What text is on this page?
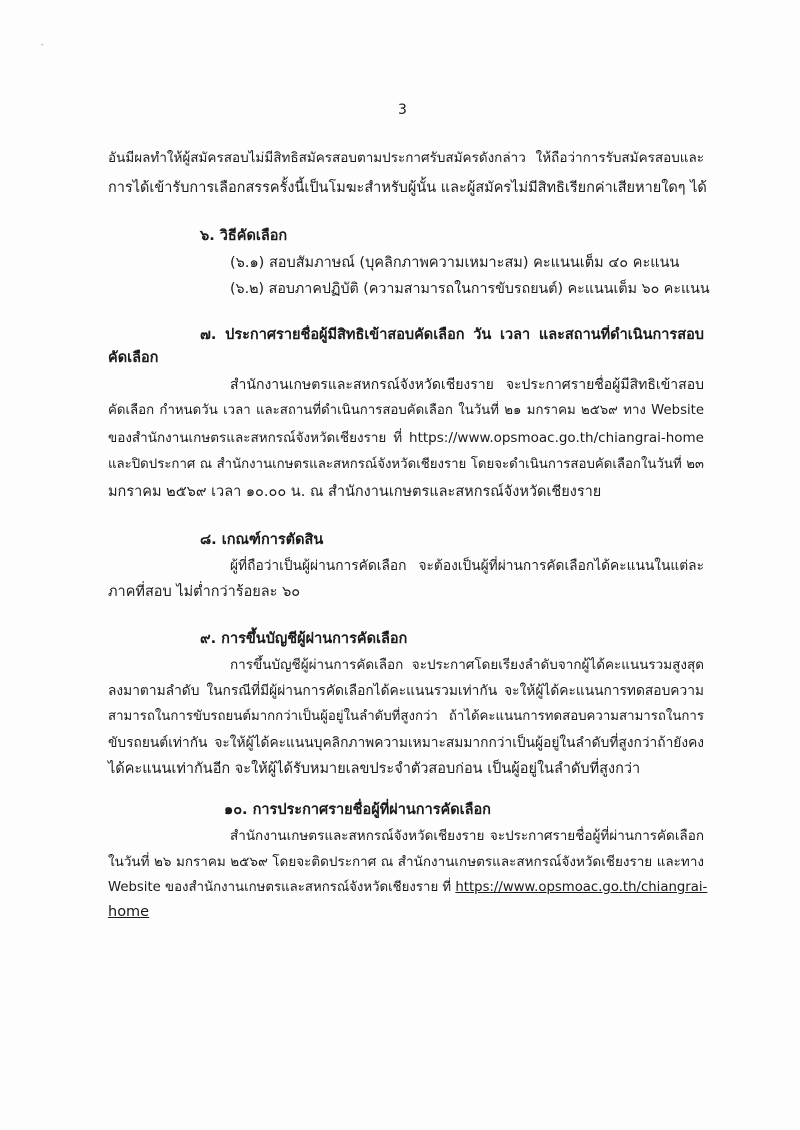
ˇ
3
อันมีผลทำให้ผู้สมัครสอบไม่มีสิทธิสมัครสอบตามประกาศรับสมัครดังกล่าว ให้ถือว่าการรับสมัครสอบและ
การได้เข้ารับการเลือกสรรครั้งนี้เป็นโมฆะสำหรับผู้นั้น และผู้สมัครไม่มีสิทธิเรียกค่าเสียหายใดๆ ได้
๖. วิธีคัดเลือก
(๖.๑) สอบสัมภาษณ์ (บุคลิกภาพความเหมาะสม) คะแนนเต็ม ๔๐ คะแนน
(๖.๒) สอบภาคปฏิบัติ (ความสามารถในการขับรถยนต์) คะแนนเต็ม ๖๐ คะแนน
๗. ประกาศรายชื่อผู้มีสิทธิเข้าสอบคัดเลือก วัน เวลา และสถานที่ดำเนินการสอบ
คัดเลือก
สำนักงานเกษตรและสหกรณ์จังหวัดเชียงราย จะประกาศรายชื่อผู้มีสิทธิเข้าสอบ
คัดเลือก กำหนดวัน เวลา และสถานที่ดำเนินการสอบคัดเลือก ในวันที่ ๒๑ มกราคม ๒๕๖๙ ทาง Website
ของสำนักงานเกษตรและสหกรณ์จังหวัดเชียงราย ที่ https://www.opsmoac.go.th/chiangrai-home
และปิดประกาศ ณ สำนักงานเกษตรและสหกรณ์จังหวัดเชียงราย โดยจะดำเนินการสอบคัดเลือกในวันที่ ๒๓
มกราคม ๒๕๖๙ เวลา ๑๐.๐๐ น. ณ สำนักงานเกษตรและสหกรณ์จังหวัดเชียงราย
๘. เกณฑ์การตัดสิน
ผู้ที่ถือว่าเป็นผู้ผ่านการคัดเลือก จะต้องเป็นผู้ที่ผ่านการคัดเลือกได้คะแนนในแต่ละ
ภาคที่สอบ ไม่ต่ำกว่าร้อยละ ๖๐
๙. การขึ้นบัญชีผู้ผ่านการคัดเลือก
การขึ้นบัญชีผู้ผ่านการคัดเลือก จะประกาศโดยเรียงลำดับจากผู้ได้คะแนนรวมสูงสุด
ลงมาตามลำดับ ในกรณีที่มีผู้ผ่านการคัดเลือกได้คะแนนรวมเท่ากัน จะให้ผู้ได้คะแนนการทดสอบความ
สามารถในการขับรถยนต์มากกว่าเป็นผู้อยู่ในลำดับที่สูงกว่า ถ้าได้คะแนนการทดสอบความสามารถในการ
ขับรถยนต์เท่ากัน จะให้ผู้ได้คะแนนบุคลิกภาพความเหมาะสมมากกว่าเป็นผู้อยู่ในลำดับที่สูงกว่าถ้ายังคง
ได้คะแนนเท่ากันอีก จะให้ผู้ได้รับหมายเลขประจำตัวสอบก่อน เป็นผู้อยู่ในลำดับที่สูงกว่า
๑๐. การประกาศรายชื่อผู้ที่ผ่านการคัดเลือก
สำนักงานเกษตรและสหกรณ์จังหวัดเชียงราย จะประกาศรายชื่อผู้ที่ผ่านการคัดเลือก
ในวันที่ ๒๖ มกราคม ๒๕๖๙ โดยจะติดประกาศ ณ สำนักงานเกษตรและสหกรณ์จังหวัดเชียงราย และทาง
Website ของสำนักงานเกษตรและสหกรณ์จังหวัดเชียงราย ที่ https://www.opsmoac.go.th/chiangrai-
home
